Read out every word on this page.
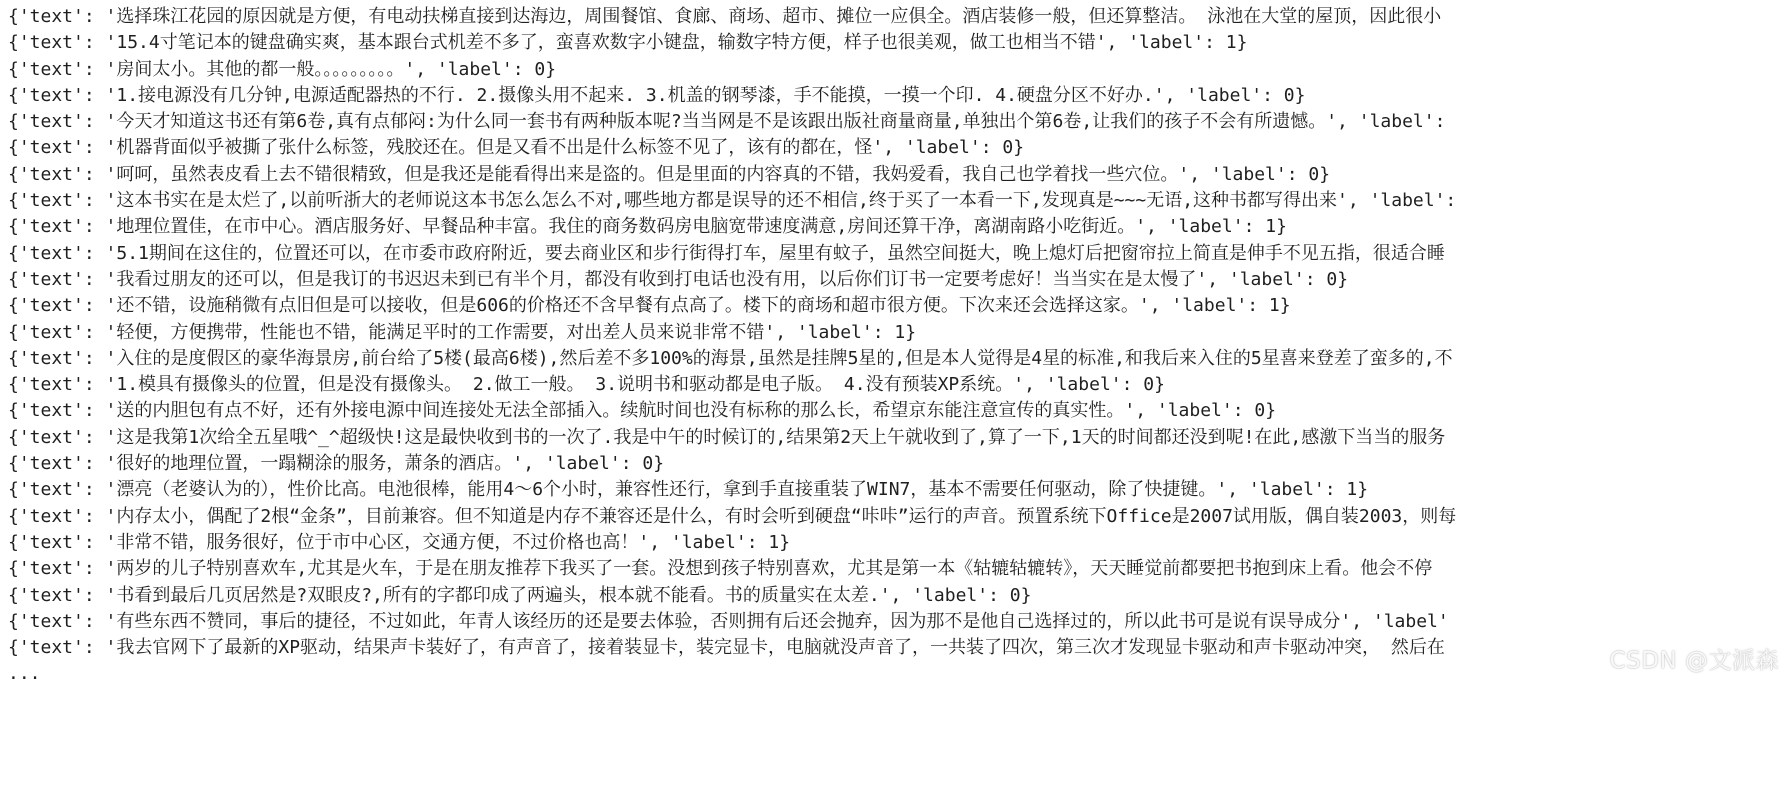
{'text': '选择珠江花园的原因就是方便，有电动扶梯直接到达海边，周围餐馆、食廊、商场、超市、摊位一应俱全。酒店装修一般，但还算整洁。 泳池在大堂的屋顶，因此很小
{'text': '15.4寸笔记本的键盘确实爽，基本跟台式机差不多了，蛮喜欢数字小键盘，输数字特方便，样子也很美观，做工也相当不错', 'label': 1}
{'text': '房间太小。其他的都一般。。。。。。。。。', 'label': 0}
{'text': '1.接电源没有几分钟,电源适配器热的不行. 2.摄像头用不起来. 3.机盖的钢琴漆，手不能摸，一摸一个印. 4.硬盘分区不好办.', 'label': 0}
{'text': '今天才知道这书还有第6卷,真有点郁闷:为什么同一套书有两种版本呢?当当网是不是该跟出版社商量商量,单独出个第6卷,让我们的孩子不会有所遗憾。', 'label':
{'text': '机器背面似乎被撕了张什么标签，残胶还在。但是又看不出是什么标签不见了，该有的都在，怪', 'label': 0}
{'text': '呵呵，虽然表皮看上去不错很精致，但是我还是能看得出来是盗的。但是里面的内容真的不错，我妈爱看，我自己也学着找一些穴位。', 'label': 0}
{'text': '这本书实在是太烂了,以前听浙大的老师说这本书怎么怎么不对,哪些地方都是误导的还不相信,终于买了一本看一下,发现真是~~~无语,这种书都写得出来', 'label':
{'text': '地理位置佳，在市中心。酒店服务好、早餐品种丰富。我住的商务数码房电脑宽带速度满意,房间还算干净，离湖南路小吃街近。', 'label': 1}
{'text': '5.1期间在这住的，位置还可以，在市委市政府附近，要去商业区和步行街得打车，屋里有蚊子，虽然空间挺大，晚上熄灯后把窗帘拉上简直是伸手不见五指，很适合睡
{'text': '我看过朋友的还可以，但是我订的书迟迟未到已有半个月，都没有收到打电话也没有用，以后你们订书一定要考虑好！当当实在是太慢了', 'label': 0}
{'text': '还不错，设施稍微有点旧但是可以接收，但是606的价格还不含早餐有点高了。楼下的商场和超市很方便。下次来还会选择这家。', 'label': 1}
{'text': '轻便，方便携带，性能也不错，能满足平时的工作需要，对出差人员来说非常不错', 'label': 1}
{'text': '入住的是度假区的豪华海景房,前台给了5楼(最高6楼),然后差不多100%的海景,虽然是挂牌5星的,但是本人觉得是4星的标准,和我后来入住的5星喜来登差了蛮多的,不
{'text': '1.模具有摄像头的位置，但是没有摄像头。 2.做工一般。 3.说明书和驱动都是电子版。 4.没有预装XP系统。', 'label': 0}
{'text': '送的内胆包有点不好，还有外接电源中间连接处无法全部插入。续航时间也没有标称的那么长，希望京东能注意宣传的真实性。', 'label': 0}
{'text': '这是我第1次给全五星哦^_^超级快!这是最快收到书的一次了.我是中午的时候订的,结果第2天上午就收到了,算了一下,1天的时间都还没到呢!在此,感激下当当的服务
{'text': '很好的地理位置，一蹋糊涂的服务，萧条的酒店。', 'label': 0}
{'text': '漂亮（老婆认为的），性价比高。电池很棒，能用4～6个小时，兼容性还行，拿到手直接重装了WIN7，基本不需要任何驱动，除了快捷键。', 'label': 1}
{'text': '内存太小，偶配了2根“金条”，目前兼容。但不知道是内存不兼容还是什么，有时会听到硬盘“咔咔”运行的声音。预置系统下Office是2007试用版，偶自装2003，则每
{'text': '非常不错，服务很好，位于市中心区，交通方便，不过价格也高！', 'label': 1}
{'text': '两岁的儿子特别喜欢车,尤其是火车，于是在朋友推荐下我买了一套。没想到孩子特别喜欢，尤其是第一本《轱辘轱辘转》，天天睡觉前都要把书抱到床上看。他会不停
{'text': '书看到最后几页居然是?双眼皮?,所有的字都印成了两遍头，根本就不能看。书的质量实在太差.', 'label': 0}
{'text': '有些东西不赞同，事后的捷径，不过如此，年青人该经历的还是要去体验，否则拥有后还会抛弃，因为那不是他自己选择过的，所以此书可是说有误导成分', 'label'
{'text': '我去官网下了最新的XP驱动，结果声卡装好了，有声音了，接着装显卡，装完显卡，电脑就没声音了，一共装了四次，第三次才发现显卡驱动和声卡驱动冲突， 然后在
...	CSDN @文派森
